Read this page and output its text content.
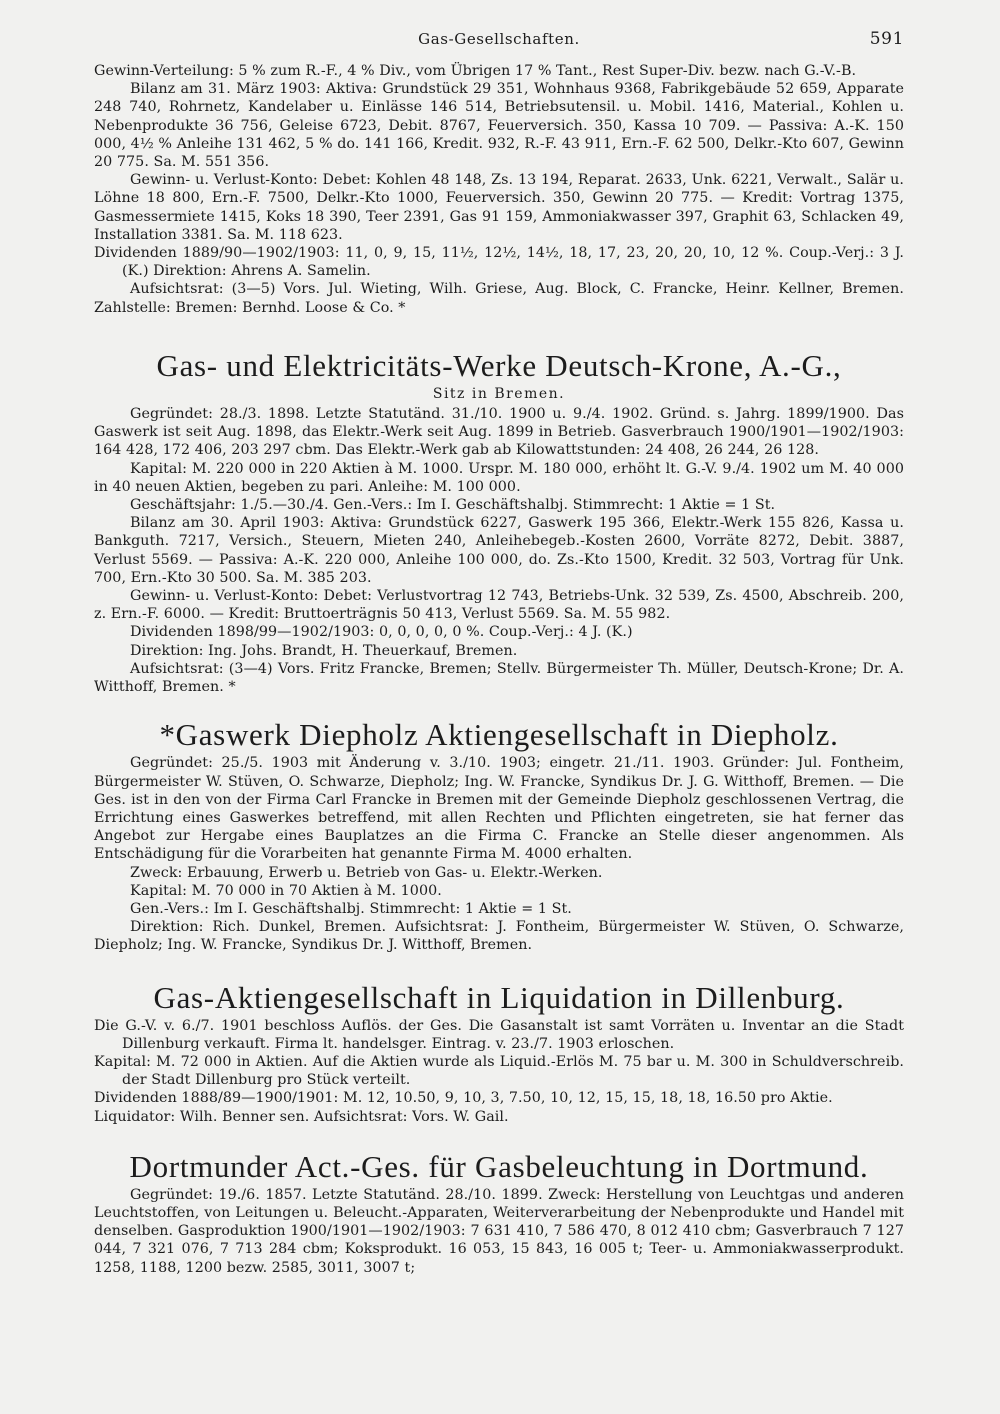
Gas-Gesellschaften.	591

Gewinn-Verteilung: 5 % zum R.-F., 4 % Div., vom Übrigen 17 % Tant., Rest Super-Div. bezw. nach G.-V.-B.

Bilanz am 31. März 1903: Aktiva: Grundstück 29 351, Wohnhaus 9368, Fabrikgebäude 52 659, Apparate 248 740, Rohrnetz, Kandelaber u. Einlässe 146 514, Betriebsutensil. u. Mobil. 1416, Material., Kohlen u. Nebenprodukte 36 756, Geleise 6723, Debit. 8767, Feuerversich. 350, Kassa 10 709. — Passiva: A.-K. 150 000, 4½ % Anleihe 131 462, 5 % do. 141 166, Kredit. 932, R.-F. 43 911, Ern.-F. 62 500, Delkr.-Kto 607, Gewinn 20 775. Sa. M. 551 356.

Gewinn- u. Verlust-Konto: Debet: Kohlen 48 148, Zs. 13 194, Reparat. 2633, Unk. 6221, Verwalt., Salär u. Löhne 18 800, Ern.-F. 7500, Delkr.-Kto 1000, Feuerversich. 350, Gewinn 20 775. — Kredit: Vortrag 1375, Gasmessermiete 1415, Koks 18 390, Teer 2391, Gas 91 159, Ammoniakwasser 397, Graphit 63, Schlacken 49, Installation 3381. Sa. M. 118 623.

Dividenden 1889/90—1902/1903: 11, 0, 9, 15, 11½, 12½, 14½, 18, 17, 23, 20, 20, 10, 12 %. Coup.-Verj.: 3 J. (K.) Direktion: Ahrens A. Samelin.

Aufsichtsrat: (3—5) Vors. Jul. Wieting, Wilh. Griese, Aug. Block, C. Francke, Heinr. Kellner, Bremen. Zahlstelle: Bremen: Bernhd. Loose & Co. *

Gas- und Elektricitäts-Werke Deutsch-Krone, A.-G.,
Sitz in Bremen.

Gegründet: 28./3. 1898. Letzte Statutänd. 31./10. 1900 u. 9./4. 1902. Gründ. s. Jahrg. 1899/1900. Das Gaswerk ist seit Aug. 1898, das Elektr.-Werk seit Aug. 1899 in Betrieb. Gasverbrauch 1900/1901—1902/1903: 164 428, 172 406, 203 297 cbm. Das Elektr.-Werk gab ab Kilowattstunden: 24 408, 26 244, 26 128.

Kapital: M. 220 000 in 220 Aktien à M. 1000. Urspr. M. 180 000, erhöht lt. G.-V. 9./4. 1902 um M. 40 000 in 40 neuen Aktien, begeben zu pari. Anleihe: M. 100 000.

Geschäftsjahr: 1./5.—30./4. Gen.-Vers.: Im I. Geschäftshalbj. Stimmrecht: 1 Aktie = 1 St.

Bilanz am 30. April 1903: Aktiva: Grundstück 6227, Gaswerk 195 366, Elektr.-Werk 155 826, Kassa u. Bankguth. 7217, Versich., Steuern, Mieten 240, Anleihebegeb.-Kosten 2600, Vorräte 8272, Debit. 3887, Verlust 5569. — Passiva: A.-K. 220 000, Anleihe 100 000, do. Zs.-Kto 1500, Kredit. 32 503, Vortrag für Unk. 700, Ern.-Kto 30 500. Sa. M. 385 203.

Gewinn- u. Verlust-Konto: Debet: Verlustvortrag 12 743, Betriebs-Unk. 32 539, Zs. 4500, Abschreib. 200, z. Ern.-F. 6000. — Kredit: Bruttoerträgnis 50 413, Verlust 5569. Sa. M. 55 982.

Dividenden 1898/99—1902/1903: 0, 0, 0, 0, 0 %. Coup.-Verj.: 4 J. (K.)

Direktion: Ing. Johs. Brandt, H. Theuerkauf, Bremen.

Aufsichtsrat: (3—4) Vors. Fritz Francke, Bremen; Stellv. Bürgermeister Th. Müller, Deutsch-Krone; Dr. A. Witthoff, Bremen. *

*Gaswerk Diepholz Aktiengesellschaft in Diepholz.

Gegründet: 25./5. 1903 mit Änderung v. 3./10. 1903; eingetr. 21./11. 1903. Gründer: Jul. Fontheim, Bürgermeister W. Stüven, O. Schwarze, Diepholz; Ing. W. Francke, Syndikus Dr. J. G. Witthoff, Bremen. — Die Ges. ist in den von der Firma Carl Francke in Bremen mit der Gemeinde Diepholz geschlossenen Vertrag, die Errichtung eines Gaswerkes betreffend, mit allen Rechten und Pflichten eingetreten, sie hat ferner das Angebot zur Hergabe eines Bauplatzes an die Firma C. Francke an Stelle dieser angenommen. Als Entschädigung für die Vorarbeiten hat genannte Firma M. 4000 erhalten.

Zweck: Erbauung, Erwerb u. Betrieb von Gas- u. Elektr.-Werken.

Kapital: M. 70 000 in 70 Aktien à M. 1000.

Gen.-Vers.: Im I. Geschäftshalbj. Stimmrecht: 1 Aktie = 1 St.

Direktion: Rich. Dunkel, Bremen. Aufsichtsrat: J. Fontheim, Bürgermeister W. Stüven, O. Schwarze, Diepholz; Ing. W. Francke, Syndikus Dr. J. Witthoff, Bremen.

Gas-Aktiengesellschaft in Liquidation in Dillenburg.

Die G.-V. v. 6./7. 1901 beschloss Auflös. der Ges. Die Gasanstalt ist samt Vorräten u. Inventar an die Stadt Dillenburg verkauft. Firma lt. handelsger. Eintrag. v. 23./7. 1903 erloschen.

Kapital: M. 72 000 in Aktien. Auf die Aktien wurde als Liquid.-Erlös M. 75 bar u. M. 300 in Schuldverschreib. der Stadt Dillenburg pro Stück verteilt.

Dividenden 1888/89—1900/1901: M. 12, 10.50, 9, 10, 3, 7.50, 10, 12, 15, 15, 18, 18, 16.50 pro Aktie.

Liquidator: Wilh. Benner sen. Aufsichtsrat: Vors. W. Gail.

Dortmunder Act.-Ges. für Gasbeleuchtung in Dortmund.

Gegründet: 19./6. 1857. Letzte Statutänd. 28./10. 1899. Zweck: Herstellung von Leuchtgas und anderen Leuchtstoffen, von Leitungen u. Beleucht.-Apparaten, Weiterverarbeitung der Nebenprodukte und Handel mit denselben. Gasproduktion 1900/1901—1902/1903: 7 631 410, 7 586 470, 8 012 410 cbm; Gasverbrauch 7 127 044, 7 321 076, 7 713 284 cbm; Koksprodukt. 16 053, 15 843, 16 005 t; Teer- u. Ammoniakwasserprodukt. 1258, 1188, 1200 bezw. 2585, 3011, 3007 t;
